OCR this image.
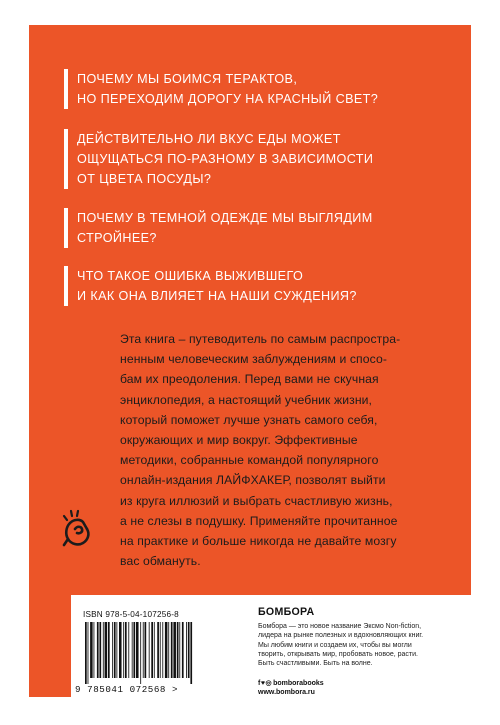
ПОЧЕМУ МЫ БОИМСЯ ТЕРАКТОВ,
НО ПЕРЕХОДИМ ДОРОГУ НА КРАСНЫЙ СВЕТ?
ДЕЙСТВИТЕЛЬНО ЛИ ВКУС ЕДЫ МОЖЕТ
ОЩУЩАТЬСЯ ПО-РАЗНОМУ В ЗАВИСИМОСТИ
ОТ ЦВЕТА ПОСУДЫ?
ПОЧЕМУ В ТЕМНОЙ ОДЕЖДЕ МЫ ВЫГЛЯДИМ
СТРОЙНЕЕ?
ЧТО ТАКОЕ ОШИБКА ВЫЖИВШЕГО
И КАК ОНА ВЛИЯЕТ НА НАШИ СУЖДЕНИЯ?
Эта книга – путеводитель по самым распростра-
ненным человеческим заблуждениям и спосо-
бам их преодоления. Перед вами не скучная
энциклопедия, а настоящий учебник жизни,
который поможет лучше узнать самого себя,
окружающих и мир вокруг. Эффективные
методики, собранные командой популярного
онлайн-издания ЛАЙФХАКЕР, позволят выйти
из круга иллюзий и выбрать счастливую жизнь,
а не слезы в подушку. Применяйте прочитанное
на практике и больше никогда не давайте мозгу
вас обмануть.
ISBN 978-5-04-107256-8
9 785041 072568 >
БОМБОРА
Бомбора — это новое название Эксмо Non-fiction,
лидера на рынке полезных и вдохновляющих книг.
Мы любим книги и создаем их, чтобы вы могли
творить, открывать мир, пробовать новое, расти.
Быть счастливыми. Быть на волне.
f♥◎bomborabooks
www.bombora.ru
